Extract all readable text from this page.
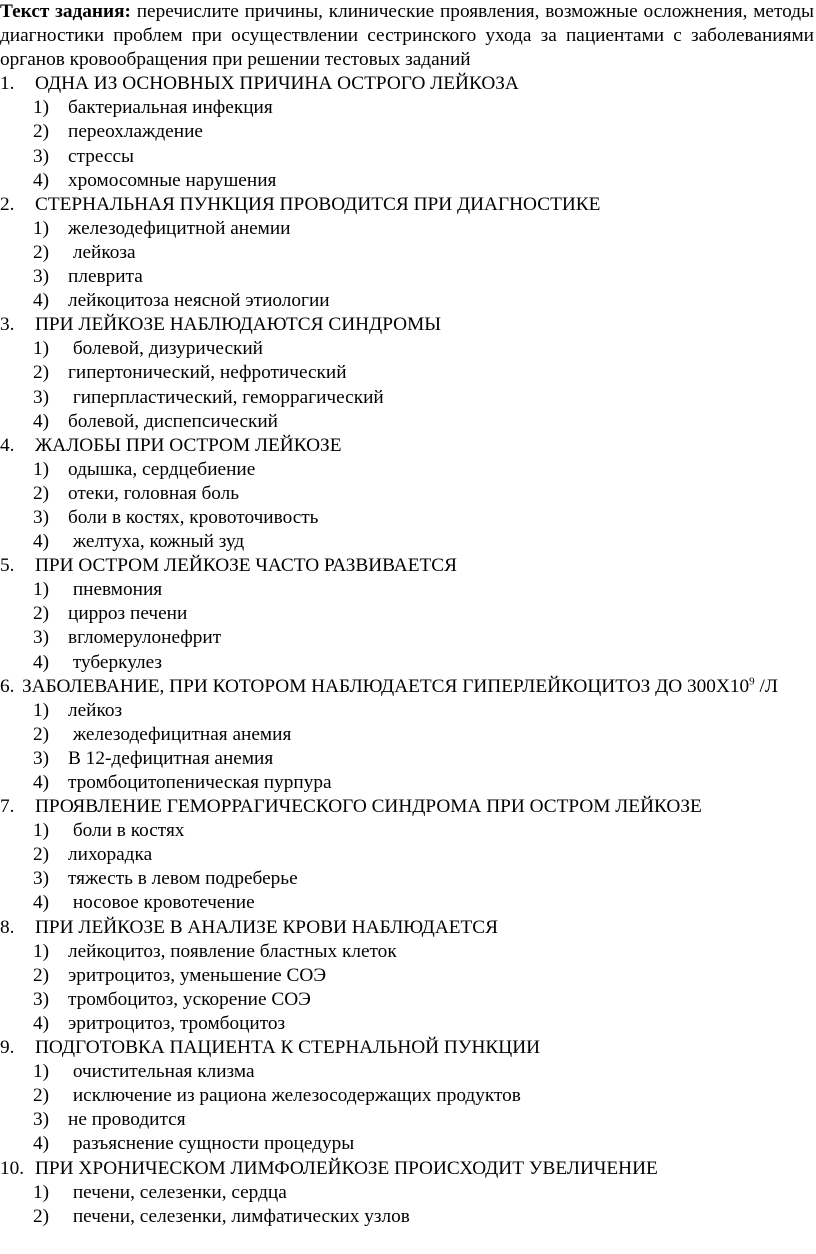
Текст задания: перечислите причины, клинические проявления, возможные осложнения, методы диагностики проблем при осуществлении сестринского ухода за пациентами с заболеваниями органов кровообращения при решении тестовых заданий

1.	ОДНА ИЗ ОСНОВНЫХ ПРИЧИНА ОСТРОГО ЛЕЙКОЗА
1) бактериальная инфекция
2) переохлаждение
3) стрессы
4) хромосомные нарушения
2.	СТЕРНАЛЬНАЯ ПУНКЦИЯ ПРОВОДИТСЯ ПРИ ДИАГНОСТИКЕ
1) железодефицитной анемии
2) лейкоза
3) плеврита
4) лейкоцитоза неясной этиологии
3.	ПРИ ЛЕЙКОЗЕ НАБЛЮДАЮТСЯ СИНДРОМЫ
1) болевой, дизурический
2) гипертонический, нефротический
3) гиперпластический, геморрагический
4) болевой, диспепсический
4.	ЖАЛОБЫ ПРИ ОСТРОМ ЛЕЙКОЗЕ
1) одышка, сердцебиение
2) отеки, головная боль
3) боли в костях, кровоточивость
4) желтуха, кожный зуд
5.	ПРИ ОСТРОМ ЛЕЙКОЗЕ ЧАСТО РАЗВИВАЕТСЯ
1) пневмония
2) цирроз печени
3) вгломерулонефрит
4) туберкулез
6. ЗАБОЛЕВАНИЕ, ПРИ КОТОРОМ НАБЛЮДАЕТСЯ ГИПЕРЛЕЙКОЦИТОЗ ДО $300Х10^9$ /Л
1) лейкоз
2) железодефицитная анемия
3) В 12-дефицитная анемия
4) тромбоцитопеническая пурпура
7.	ПРОЯВЛЕНИЕ ГЕМОРРАГИЧЕСКОГО СИНДРОМА ПРИ ОСТРОМ ЛЕЙКОЗЕ
1) боли в костях
2) лихорадка
3) тяжесть в левом подреберье
4) носовое кровотечение
8.	ПРИ ЛЕЙКОЗЕ В АНАЛИЗЕ КРОВИ НАБЛЮДАЕТСЯ
1) лейкоцитоз, появление бластных клеток
2) эритроцитоз, уменьшение СОЭ
3) тромбоцитоз, ускорение СОЭ
4) эритроцитоз, тромбоцитоз
9.	ПОДГОТОВКА ПАЦИЕНТА К СТЕРНАЛЬНОЙ ПУНКЦИИ
1) очистительная клизма
2) исключение из рациона железосодержащих продуктов
3) не проводится
4) разъяснение сущности процедуры
10. ПРИ ХРОНИЧЕСКОМ ЛИМФОЛЕЙКОЗЕ ПРОИСХОДИТ УВЕЛИЧЕНИЕ
1) печени, селезенки, сердца
2) печени, селезенки, лимфатических узлов
